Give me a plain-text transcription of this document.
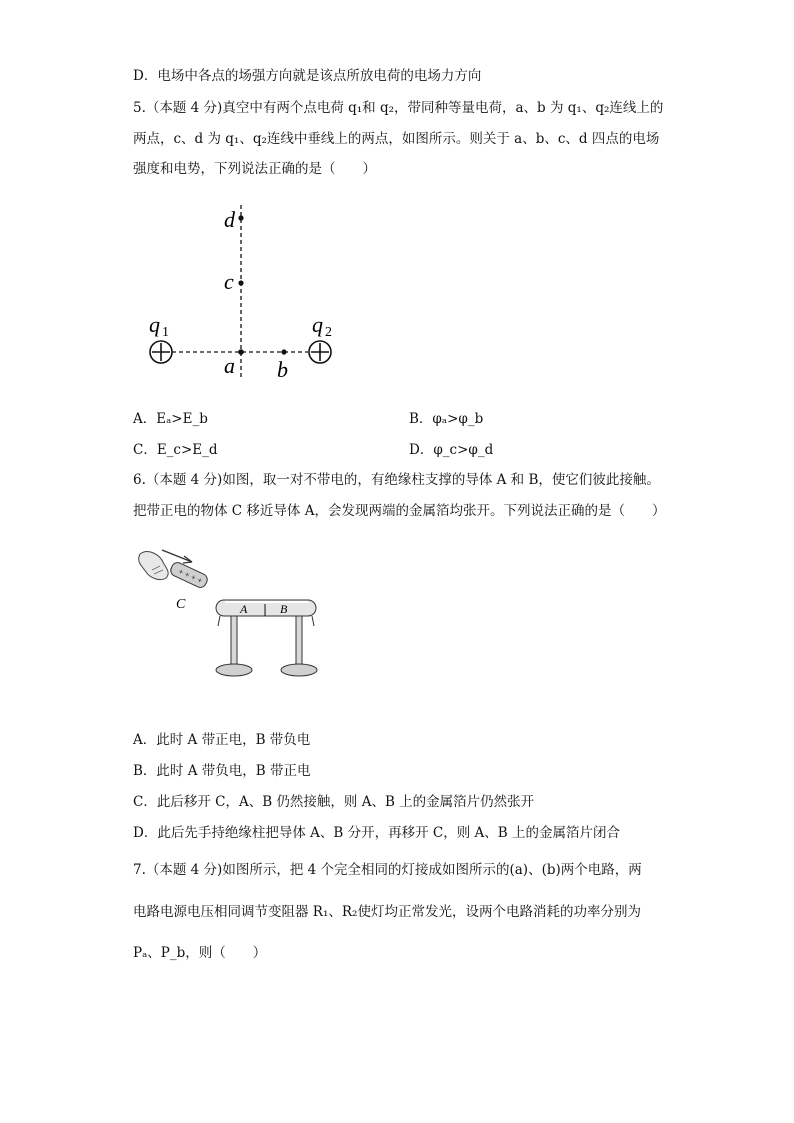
D．电场中各点的场强方向就是该点所放电荷的电场力方向
5.（本题 4 分)真空中有两个点电荷 q₁和 q₂，带同种等量电荷，a、b 为 q₁、q₂连线上的
两点，c、d 为 q₁、q₂连线中垂线上的两点，如图所示。则关于 a、b、c、d 四点的电场
强度和电势，下列说法正确的是（　　）
d
c
a b
q 1	q 2
A．Eₐ>E_b	B．φₐ>φ_b
C．E_c>E_d	D．φ_c>φ_d
6.（本题 4 分)如图，取一对不带电的，有绝缘柱支撑的导体 A 和 B，使它们彼此接触。
把带正电的物体 C 移近导体 A，会发现两端的金属箔均张开。下列说法正确的是（　　）
+ + + +
C	A | B
A．此时 A 带正电，B 带负电
B．此时 A 带负电，B 带正电
C．此后移开 C，A、B 仍然接触，则 A、B 上的金属箔片仍然张开
D．此后先手持绝缘柱把导体 A、B 分开，再移开 C，则 A、B 上的金属箔片闭合
7.（本题 4 分)如图所示，把 4 个完全相同的灯接成如图所示的(a)、(b)两个电路，两
电路电源电压相同调节变阻器 R₁、R₂使灯均正常发光，设两个电路消耗的功率分别为
Pₐ、P_b，则（　　）
